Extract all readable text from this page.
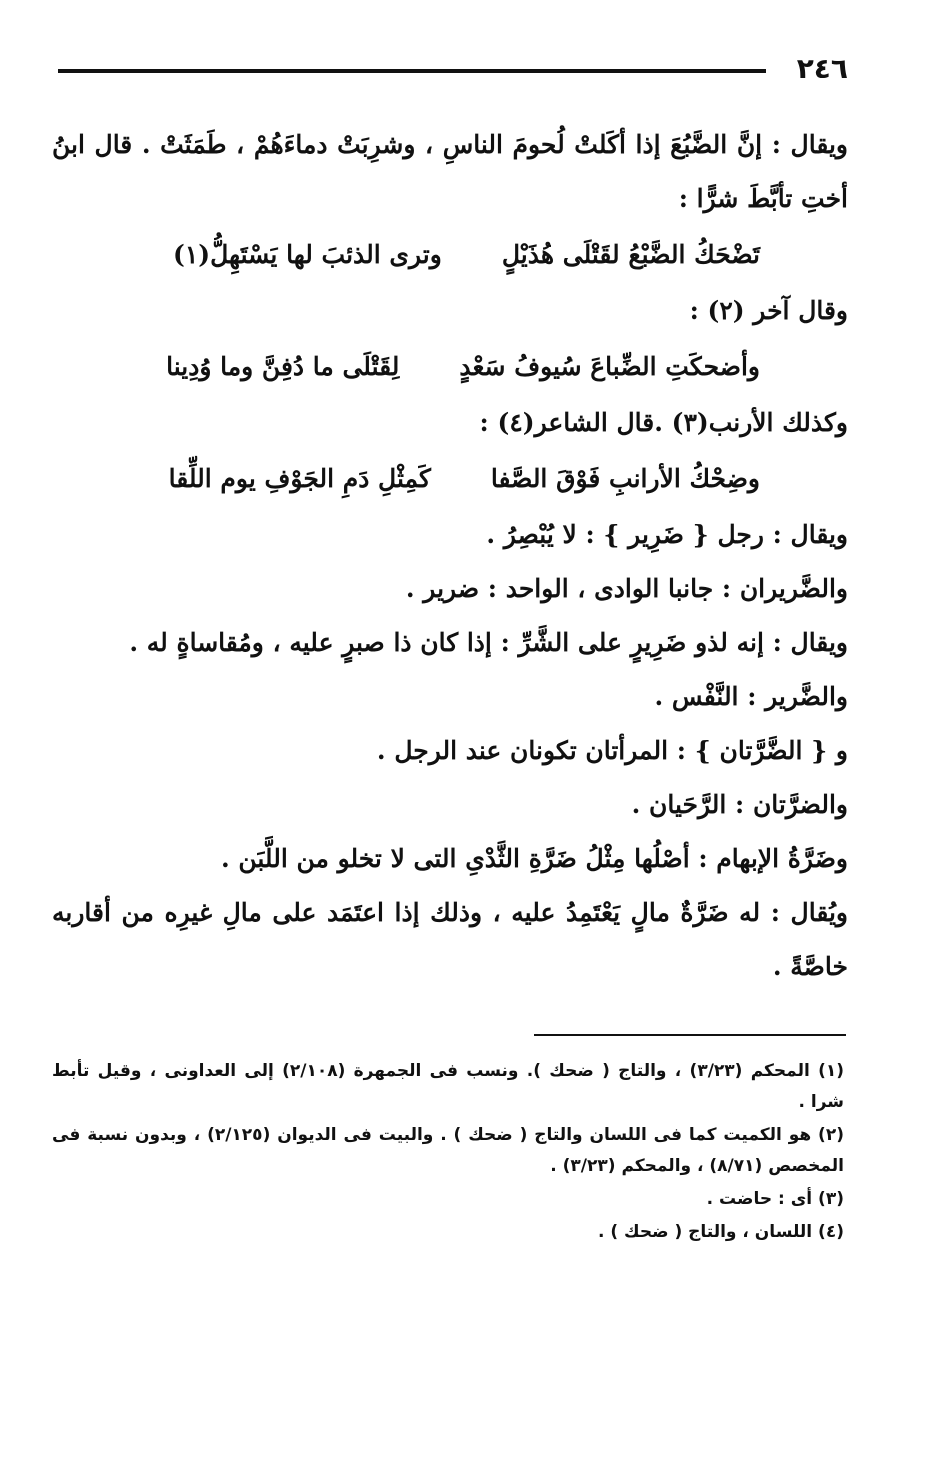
٢٤٦

ويقال : إنَّ الضَّبُعَ إذا أكَلتْ لُحومَ الناسِ ، وشرِبَتْ دماءَهُمْ ، طَمَثَتْ . قال ابنُ أختِ تأبَّطَ شرًّا :

تَضْحَكُ الضَّبْعُ لقَتْلَى هُذَيْلٍ
وترى الذئبَ لها يَسْتَهِلُّ(١)

وقال آخر (٢) :

وأضحكَتِ الضِّباعَ سُيوفُ سَعْدٍ
لِقَتْلَى ما دُفِنَّ وما وُدِينا

وكذلك الأرنب(٣) .قال الشاعر(٤) :

وضِحْكُ الأرانبِ فَوْقَ الصَّفا
كَمِثْلِ دَمِ الجَوْفِ يوم اللِّقا

ويقال : رجل { ضَرِير } : لا يُبْصِرُ .

والضَّريران : جانبا الوادى ، الواحد : ضرير .

ويقال : إنه لذو ضَرِيرٍ على الشَّرِّ : إذا كان ذا صبرٍ عليه ، ومُقاساةٍ له .

والضَّرير : النَّفْس .

و { الضَّرَّتان } : المرأتان تكونان عند الرجل .

والضرَّتان : الرَّحَيان .

وضَرَّةُ الإبهام : أصْلُها مِثْلُ ضَرَّةِ الثَّدْىِ التى لا تخلو من اللَّبَن .

ويُقال : له ضَرَّةٌ مالٍ يَعْتَمِدُ عليه ، وذلك إذا اعتَمَد على مالِ غيرِه من أقاربه خاصَّةً .

(١) المحكم (٣/٢٣) ، والتاج ( ضحك ). ونسب فى الجمهرة (٢/١٠٨) إلى العداونى ، وقيل تأبط شرا .

(٢) هو الكميت كما فى اللسان والتاج ( ضحك ) . والبيت فى الديوان (٢/١٢٥) ، وبدون نسبة فى المخصص (٨/٧١) ، والمحكم (٣/٢٣) .

(٣) أى : حاضت .

(٤) اللسان ، والتاج ( ضحك ) .
